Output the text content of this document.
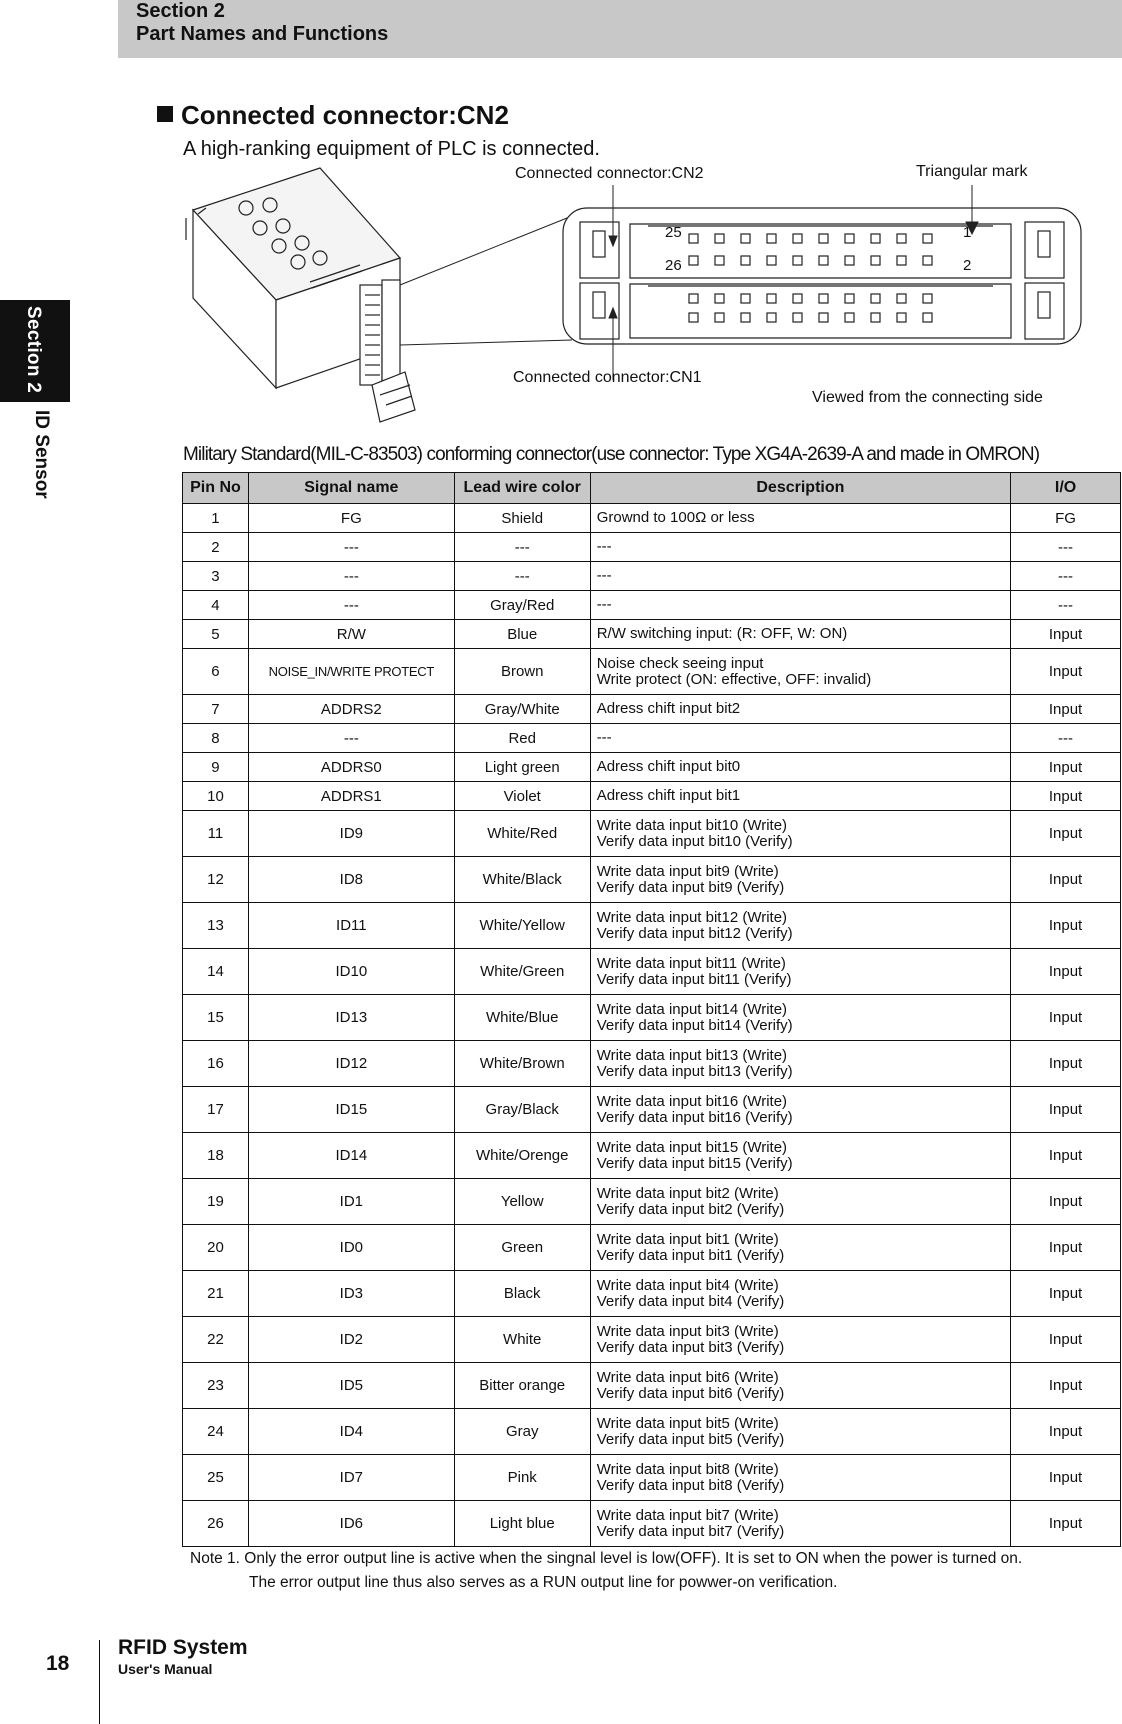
Section 2
Part Names and Functions
Section 2
ID Sensor
Connected connector:CN2
A high-ranking equipment of PLC is connected.
25
26
1
2
Connected connector:CN2	Triangular mark
Connected connector:CN1
Viewed from the connecting side
Military Standard(MIL-C-83503) conforming connector(use connector: Type XG4A-2639-A and made in OMRON)
Pin No	Signal name	Lead wire color	Description	I/O
1	FG	Shield	Grownd to 100Ω or less	FG
2	---	---	---	---
3	---	---	---	---
4	---	Gray/Red	---	---
5	R/W	Blue	R/W switching input: (R: OFF, W: ON)	Input
6	NOISE_IN/WRITE PROTECT	Brown	Noise check seeing input
Write protect (ON: effective, OFF: invalid)	Input
7	ADDRS2	Gray/White	Adress chift input bit2	Input
8	---	Red	---	---
9	ADDRS0	Light green	Adress chift input bit0	Input
10	ADDRS1	Violet	Adress chift input bit1	Input
11	ID9	White/Red	Write data input bit10 (Write)
Verify data input bit10 (Verify)	Input
12	ID8	White/Black	Write data input bit9 (Write)
Verify data input bit9 (Verify)	Input
13	ID11	White/Yellow	Write data input bit12 (Write)
Verify data input bit12 (Verify)	Input
14	ID10	White/Green	Write data input bit11 (Write)
Verify data input bit11 (Verify)	Input
15	ID13	White/Blue	Write data input bit14 (Write)
Verify data input bit14 (Verify)	Input
16	ID12	White/Brown	Write data input bit13 (Write)
Verify data input bit13 (Verify)	Input
17	ID15	Gray/Black	Write data input bit16 (Write)
Verify data input bit16 (Verify)	Input
18	ID14	White/Orenge	Write data input bit15 (Write)
Verify data input bit15 (Verify)	Input
19	ID1	Yellow	Write data input bit2 (Write)
Verify data input bit2 (Verify)	Input
20	ID0	Green	Write data input bit1 (Write)
Verify data input bit1 (Verify)	Input
21	ID3	Black	Write data input bit4 (Write)
Verify data input bit4 (Verify)	Input
22	ID2	White	Write data input bit3 (Write)
Verify data input bit3 (Verify)	Input
23	ID5	Bitter orange	Write data input bit6 (Write)
Verify data input bit6 (Verify)	Input
24	ID4	Gray	Write data input bit5 (Write)
Verify data input bit5 (Verify)	Input
25	ID7	Pink	Write data input bit8 (Write)
Verify data input bit8 (Verify)	Input
26	ID6	Light blue	Write data input bit7 (Write)
Verify data input bit7 (Verify)	Input
Note 1. Only the error output line is active when the singnal level is low(OFF). It is set to ON when the power is turned on.
The error output line thus also serves as a RUN output line for powwer-on verification.
18
RFID System
User's Manual
